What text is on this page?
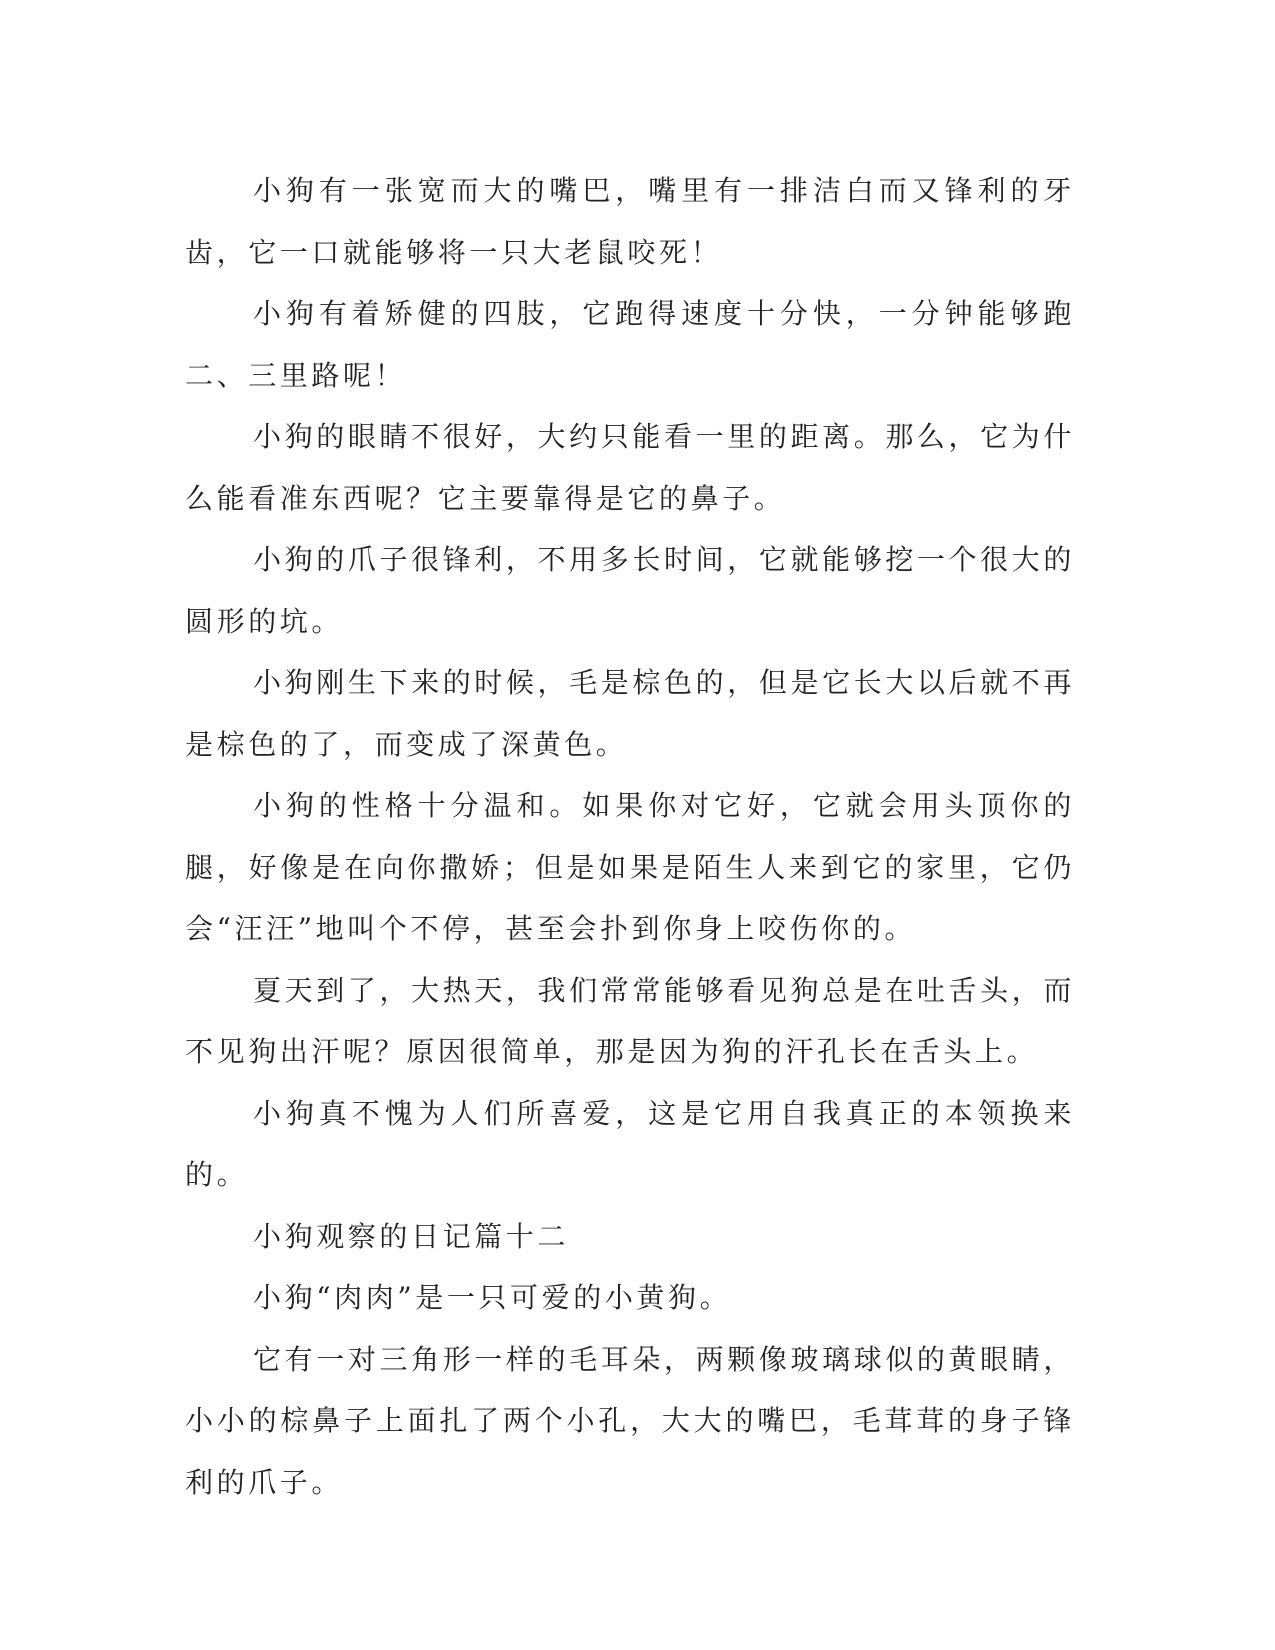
小狗有一张宽而大的嘴巴，嘴里有一排洁白而又锋利的牙齿，它一口就能够将一只大老鼠咬死！

小狗有着矫健的四肢，它跑得速度十分快，一分钟能够跑二、三里路呢！

小狗的眼睛不很好，大约只能看一里的距离。那么，它为什么能看准东西呢？它主要靠得是它的鼻子。

小狗的爪子很锋利，不用多长时间，它就能够挖一个很大的圆形的坑。

小狗刚生下来的时候，毛是棕色的，但是它长大以后就不再是棕色的了，而变成了深黄色。

小狗的性格十分温和。如果你对它好，它就会用头顶你的腿，好像是在向你撒娇；但是如果是陌生人来到它的家里，它仍会“汪汪”地叫个不停，甚至会扑到你身上咬伤你的。

夏天到了，大热天，我们常常能够看见狗总是在吐舌头，而不见狗出汗呢？原因很简单，那是因为狗的汗孔长在舌头上。

小狗真不愧为人们所喜爱，这是它用自我真正的本领换来的。

小狗观察的日记篇十二

小狗“肉肉”是一只可爱的小黄狗。

它有一对三角形一样的毛耳朵，两颗像玻璃球似的黄眼睛，小小的棕鼻子上面扎了两个小孔，大大的嘴巴，毛茸茸的身子锋利的爪子。
